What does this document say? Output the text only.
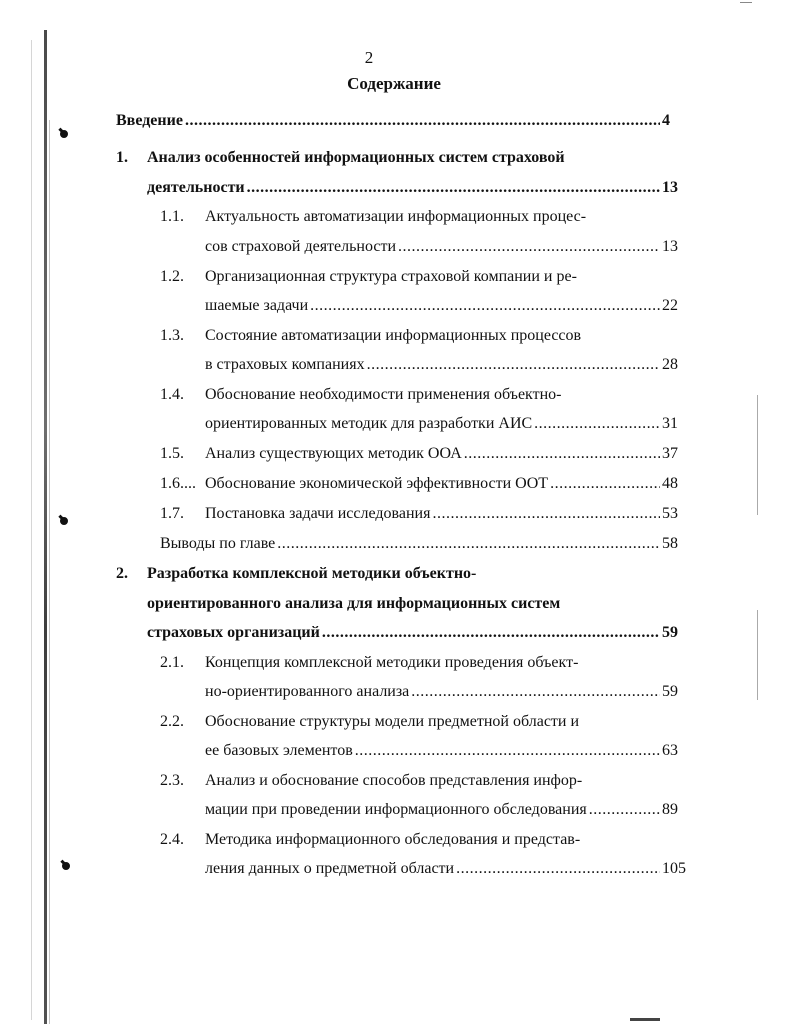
2
Содержание
Введение .....	4
1. Анализ особенностей информационных систем страховой
деятельности .....	13
1.1. Актуальность автоматизации информационных процес-
сов страховой деятельности .....	13
1.2. Организационная структура страховой компании и ре-
шаемые задачи .....	22
1.3. Состояние автоматизации информационных процессов
в страховых компаниях .....	28
1.4. Обоснование необходимости применения объектно-
ориентированных методик для разработки АИС .....	31
1.5. Анализ существующих методик ООА .....	37
1.6.... Обоснование экономической эффективности ООТ .....	48
1.7. Постановка задачи исследования .....	53
Выводы по главе .....	58
2. Разработка комплексной методики объектно-
ориентированного анализа для информационных систем
страховых организаций .....	59
2.1. Концепция комплексной методики проведения объект-
но-ориентированного анализа .....	59
2.2. Обоснование структуры модели предметной области и
ее базовых элементов .....	63
2.3. Анализ и обоснование способов представления инфор-
мации при проведении информационного обследования .....	89
2.4. Методика информационного обследования и представ-
ления данных о предметной области .....	105
